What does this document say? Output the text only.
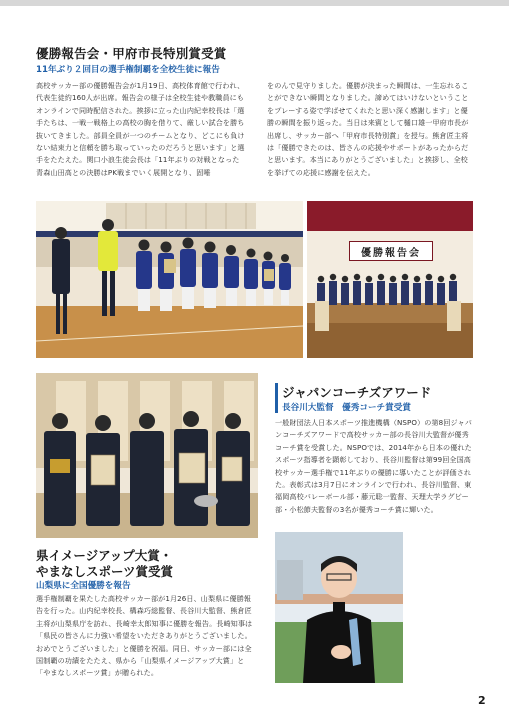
優勝報告会・甲府市長特別賞受賞
11年ぶり２回目の選手権制覇を全校生徒に報告

高校サッカー部の優勝報告会が1月19日、高校体育館で行われ、代表生徒約160人が出席。報告会の様子は全校生徒や教職員にもオンラインで同時配信された。挨拶に立った山内紀幸校長は「選手たちは、一戦一戦格上の高校の胸を借りて、厳しい試合を勝ち抜いてきました。部員全員が一つのチームとなり、どこにも負けない結束力と信頼を勝ち取っていったのだろうと思います」と選手をたたえた。関口小浪生徒会長は「11年ぶりの対戦となった青森山田高との決勝はPK戦までいく展開となり、固唾

をのんで見守りました。優勝が決まった瞬間は、一生忘れることができない瞬間となりました。諦めてはいけないということをプレーする姿で学ばせてくれたと思い深く感謝します」と優勝の瞬間を振り返った。当日は来賓として樋口雄一甲府市長が出席し、サッカー部へ「甲府市長特別賞」を授与。熊倉匠主将は「優勝できたのは、皆さんの応援やサポートがあったからだと思います。本当にありがとうございました」と挨拶し、全校を挙げての応援に感謝を伝えた。

優勝報告会
県イメージアップ大賞・
やまなしスポーツ賞受賞
山梨県に全国優勝を報告

選手権制覇を果たした高校サッカー部が1月26日、山梨県に優勝報告を行った。山内紀幸校長、構森巧総監督、長谷川大監督、熊倉匠主将が山梨県庁を訪れ、長崎幸太郎知事に優勝を報告。長崎知事は「県民の皆さんに力強い希望をいただきありがとうございました。おめでとうございました」と優勝を祝福。同日、サッカー部には全国制覇の功績をたたえ、県から「山梨県イメージアップ大賞」と「やまなしスポーツ賞」が贈られた。

ジャパンコーチズアワード
長谷川大監督　優秀コーチ賞受賞

一般財団法人日本スポーツ推進機構（NSPO）の第8回ジャパンコーチズアワードで高校サッカー部の長谷川大監督が優秀コーチ賞を受賞した。NSPOでは、2014年から日本の優れたスポーツ指導者を顕彰しており、長谷川監督は第99回全国高校サッカー選手権で11年ぶりの優勝に導いたことが評価された。表彰式は3月7日にオンラインで行われ、長谷川監督、東福岡高校バレーボール部・藤元聡一監督、天理大学ラグビー部・小松節夫監督の3名が優秀コーチ賞に輝いた。

2
